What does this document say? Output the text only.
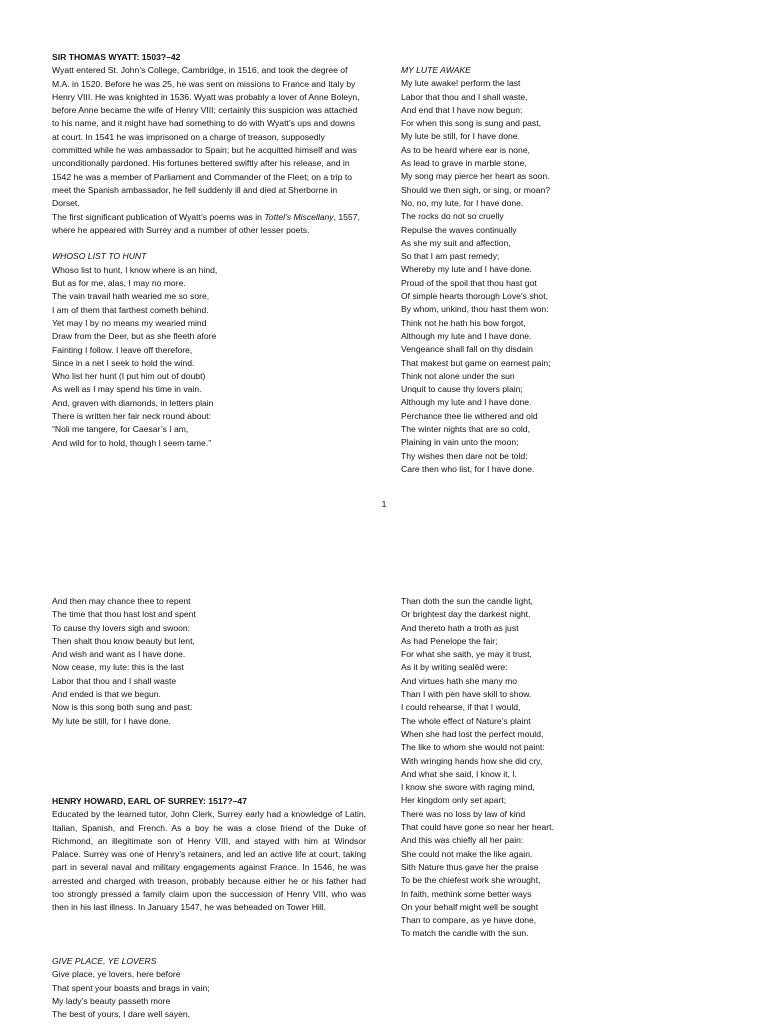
SIR THOMAS WYATT: 1503?–42
Wyatt entered St. John’s College, Cambridge, in 1516, and took the degree of M.A. in 1520. Before he was 25, he was sent on missions to France and Italy by Henry VIII. He was knighted in 1536. Wyatt was probably a lover of Anne Boleyn, before Anne became the wife of Henry VIII; certainly this suspicion was attached to his name, and it might have had something to do with Wyatt’s ups and downs at court. In 1541 he was imprisoned on a charge of treason, supposedly committed while he was ambassador to Spain; but he acquitted himself and was unconditionally pardoned. His fortunes bettered swiftly after his release, and in 1542 he was a member of Parliament and Commander of the Fleet; on a trip to meet the Spanish ambassador, he fell suddenly ill and died at Sherborne in Dorset.
The first significant publication of Wyatt’s poems was in Tottel’s Miscellany, 1557, where he appeared with Surrey and a number of other lesser poets.
WHOSO LIST TO HUNT
Whoso list to hunt, I know where is an hind,
But as for me, alas, I may no more.
The vain travail hath wearied me so sore,
I am of them that farthest cometh behind.
Yet may I by no means my wearied mind
Draw from the Deer, but as she fleeth afore
Fainting I follow. I leave off therefore,
Since in a net I seek to hold the wind.
Who list her hunt (I put him out of doubt)
As well as I may spend his time in vain.
And, graven with diamonds, in letters plain
There is written her fair neck round about:
“Noli me tangere, for Caesar’s I am,
And wild for to hold, though I seem tame.”
MY LUTE AWAKE
My lute awake! perform the last
Labor that thou and I shall waste,
And end that I have now begun:
For when this song is sung and past,
My lute be still, for I have done.
As to be heard where ear is none,
As lead to grave in marble stone,
My song may pierce her heart as soon.
Should we then sigh, or sing, or moan?
No, no, my lute, for I have done.
The rocks do not so cruelly
Repulse the waves continually
As she my suit and affection,
So that I am past remedy;
Whereby my lute and I have done.
Proud of the spoil that thou hast got
Of simple hearts thorough Love’s shot,
By whom, unkind, thou hast them won:
Think not he hath his bow forgot,
Although my lute and I have done.
Vengeance shall fall on thy disdain
That makest but game on earnest pain;
Think not alone under the sun
Unquit to cause thy lovers plain;
Although my lute and I have done.
Perchance thee lie withered and old
The winter nights that are so cold,
Plaining in vain unto the moon;
Thy wishes then dare not be told:
Care then who list, for I have done.
1
And then may chance thee to repent
The time that thou hast lost and spent
To cause thy lovers sigh and swoon:
Then shalt thou know beauty but lent,
And wish and want as I have done.
Now cease, my lute: this is the last
Labor that thou and I shall waste
And ended is that we begun.
Now is this song both sung and past:
My lute be still, for I have done.
Than doth the sun the candle light,
Or brightest day the darkest night.
And thereto hath a troth as just
As had Penelope the fair;
For what she saith, ye may it trust,
As it by writing sealëd were:
And virtues hath she many mo
Than I with pen have skill to show.
I could rehearse, if that I would,
The whole effect of Nature’s plaint
When she had lost the perfect mould,
The like to whom she would not paint:
With wringing hands how she did cry,
And what she said, I know it, I.
I know she swore with raging mind,
Her kingdom only set apart;
There was no loss by law of kind
That could have gone so near her heart.
And this was chiefly all her pain:
She could not make the like again.
Sith Nature thus gave her the praise
To be the chiefest work she wrought,
In faith, methink some better ways
On your behalf might well be sought
Than to compare, as ye have done,
To match the candle with the sun.
HENRY HOWARD, EARL OF SURREY: 1517?–47
Educated by the learned tutor, John Clerk, Surrey early had a knowledge of Latin, Italian, Spanish, and French. As a boy he was a close friend of the Duke of Richmond, an illegitimate son of Henry VIII, and stayed with him at Windsor Palace. Surrey was one of Henry’s retainers, and led an active life at court, taking part in several naval and military engagements against France. In 1546, he was arrested and charged with treason, probably because either he or his father had too strongly pressed a family claim upon the succession of Henry VIII, who was then in his last illness. In January 1547, he was beheaded on Tower Hill.
GIVE PLACE, YE LOVERS
Give place, ye lovers, here before
That spent your boasts and brags in vain;
My lady’s beauty passeth more
The best of yours, I dare well sayen,
